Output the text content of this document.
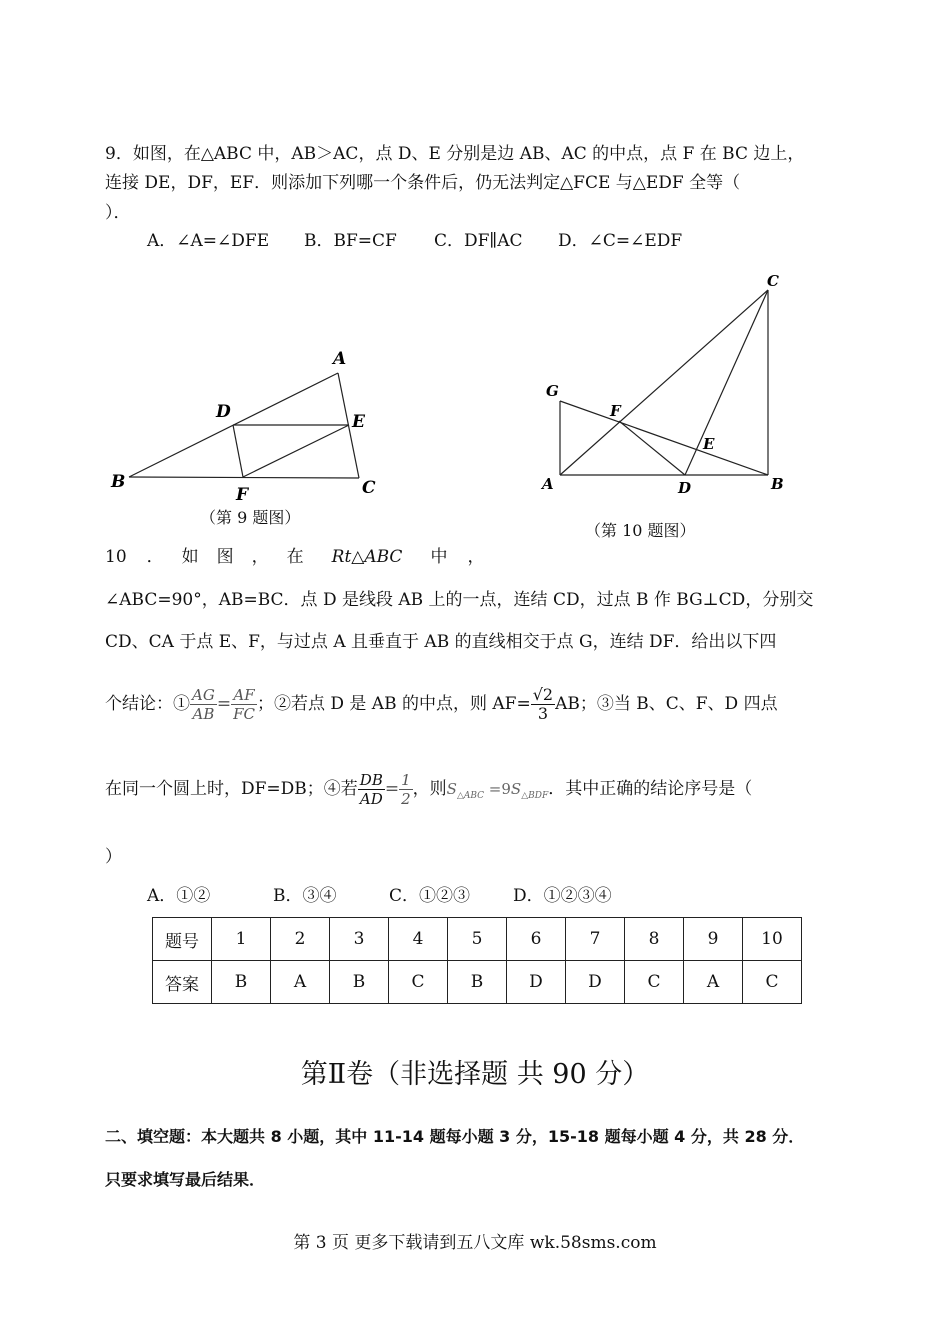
9．如图，在△ABC 中，AB＞AC，点 D、E 分别是边 AB、AC 的中点，点 F 在 BC 边上，
连接 DE，DF，EF．则添加下列哪一个条件后，仍无法判定△FCE 与△EDF 全等（
）．
A．∠A=∠DFE B．BF=CF C．DF∥AC D．∠C=∠EDF
A
B	C
D	E
F
C
G
F
E
A	D	B
（第 9 题图）
（第 10 题图）
10 ． 如 图 ， 在 Rt△ABC 中 ，
∠ABC=90°，AB=BC．点 D 是线段 AB 上的一点，连结 CD，过点 B 作 BG⊥CD，分别交
CD、CA 于点 E、F，与过点 A 且垂直于 AB 的直线相交于点 G，连结 DF．给出以下四
个结论：① $\frac{AG}{AB} = \frac{AF}{FC}$ ；②若点 D 是 AB 的中点，则 $AF= \frac{√2}{3}$ AB；③当 B、C、F、D 四点
在同一个圆上时，DF=DB；④若 $\frac{DB}{AD} = \frac{1}{2}$ ，则$S_{\triangle ABC} =9S_{\triangle BDF}$．其中正确的结论序号是（
）
A．①②	B．③④	C．①②③	D．①②③④
题号	1	2	3	4	5	6	7	8	9	10
答案	B	A	B	C	B	D	D	C	A	C
第Ⅱ卷（非选择题 共 90 分）
二、填空题：本大题共 8 小题，其中 11-14 题每小题 3 分，15-18 题每小题 4 分，共 28 分．
只要求填写最后结果．
第 3 页 更多下载请到五八文库 wk.58sms.com
